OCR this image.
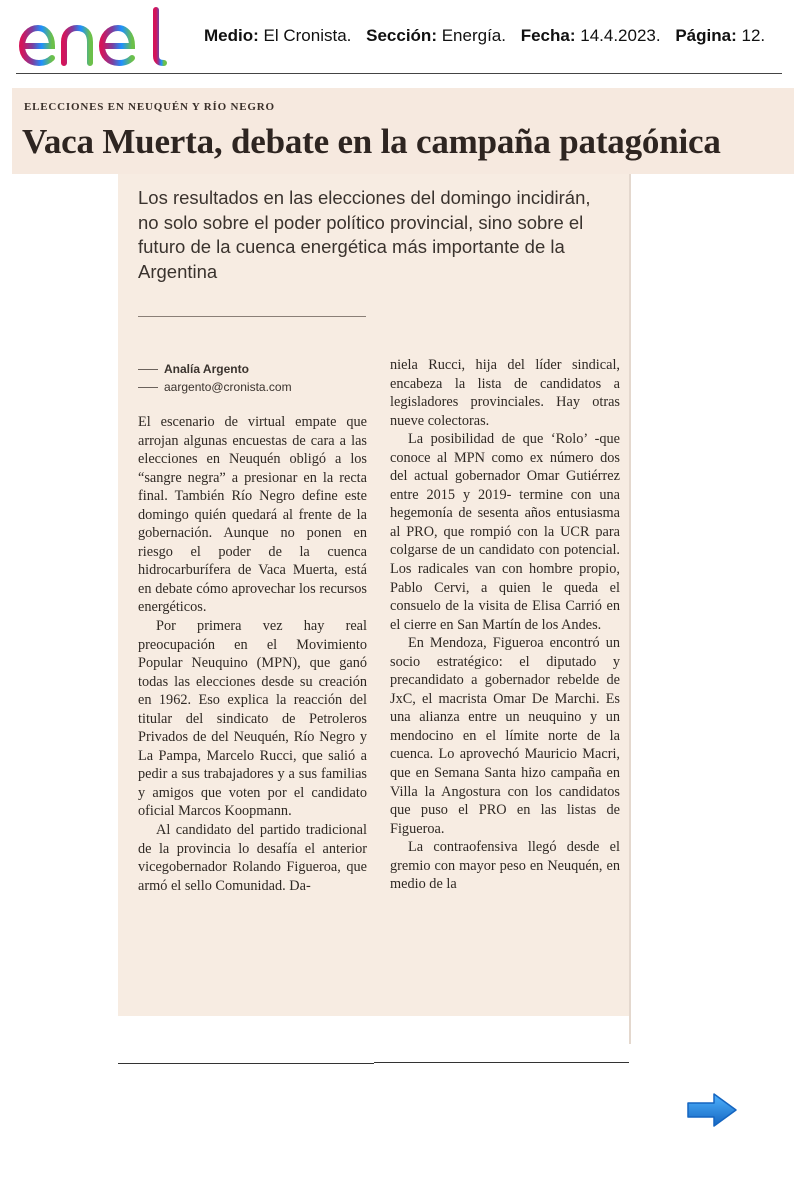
Medio: El Cronista. Sección: Energía. Fecha: 14.4.2023. Página: 12.
ELECCIONES EN NEUQUÉN Y RÍO NEGRO
Vaca Muerta, debate en la campaña patagónica
Los resultados en las elecciones del domingo incidirán, no solo sobre el poder político provincial, sino sobre el futuro de la cuenca energética más importante de la Argentina
Analía Argento
aargento@cronista.com

El escenario de virtual empate que arrojan algunas encuestas de cara a las elecciones en Neuquén obligó a los “sangre negra” a presionar en la recta final. También Río Negro define este domingo quién quedará al frente de la gobernación. Aunque no ponen en riesgo el poder de la cuenca hidrocarburífera de Vaca Muerta, está en debate cómo aprovechar los recursos energéticos.

Por primera vez hay real preocupación en el Movimiento Popular Neuquino (MPN), que ganó todas las elecciones desde su creación en 1962. Eso explica la reacción del titular del sindicato de Petroleros Privados de del Neuquén, Río Negro y La Pampa, Marcelo Rucci, que salió a pedir a sus trabajadores y a sus familias y amigos que voten por el candidato oficial Marcos Koopmann.

Al candidato del partido tradicional de la provincia lo desafía el anterior vicegobernador Rolando Figueroa, que armó el sello Comunidad. Da-

niela Rucci, hija del líder sindical, encabeza la lista de candidatos a legisladores provinciales. Hay otras nueve colectoras.

La posibilidad de que ‘Rolo’ -que conoce al MPN como ex número dos del actual gobernador Omar Gutiérrez entre 2015 y 2019- termine con una hegemonía de sesenta años entusiasma al PRO, que rompió con la UCR para colgarse de un candidato con potencial. Los radicales van con hombre propio, Pablo Cervi, a quien le queda el consuelo de la visita de Elisa Carrió en el cierre en San Martín de los Andes.

En Mendoza, Figueroa encontró un socio estratégico: el diputado y precandidato a gobernador rebelde de JxC, el macrista Omar De Marchi. Es una alianza entre un neuquino y un mendocino en el límite norte de la cuenca. Lo aprovechó Mauricio Macri, que en Semana Santa hizo campaña en Villa la Angostura con los candidatos que puso el PRO en las listas de Figueroa.

La contraofensiva llegó desde el gremio con mayor peso en Neuquén, en medio de la
